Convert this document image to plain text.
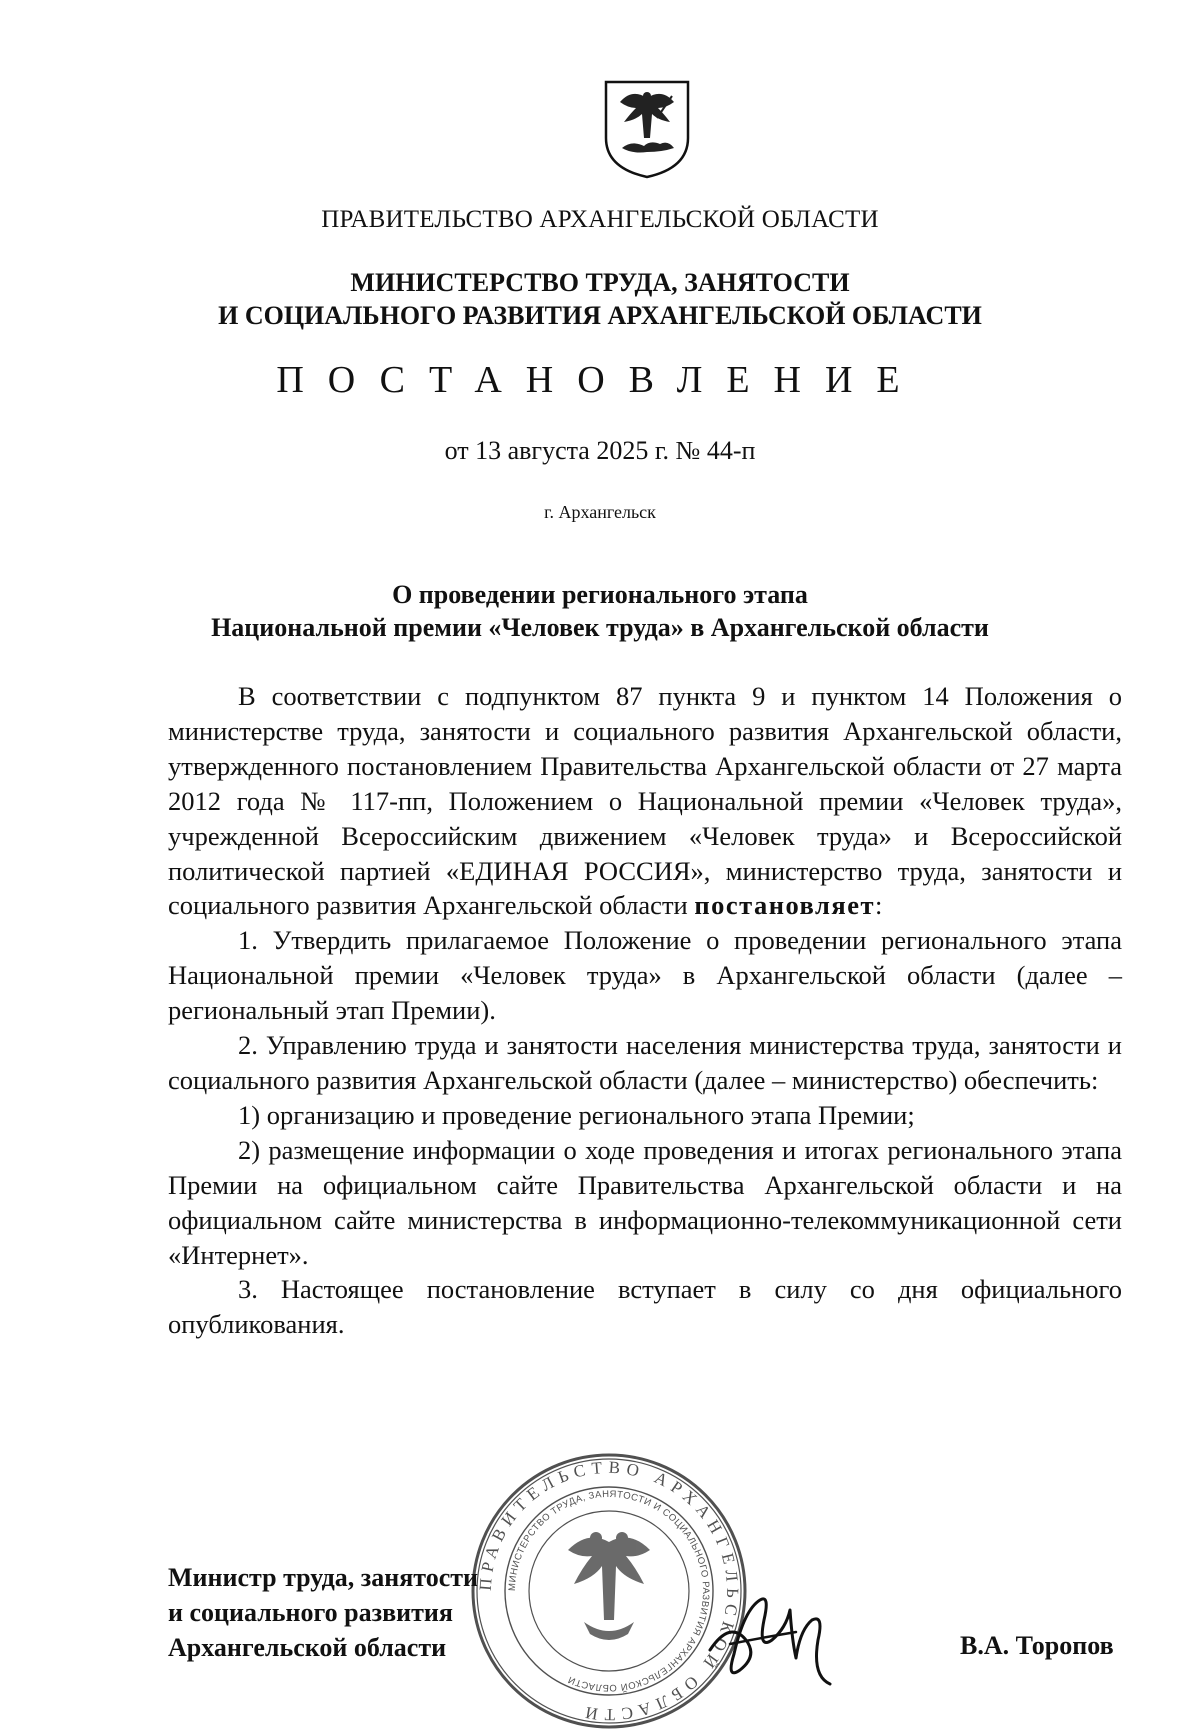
ПРАВИТЕЛЬСТВО АРХАНГЕЛЬСКОЙ ОБЛАСТИ
МИНИСТЕРСТВО ТРУДА, ЗАНЯТОСТИ
И СОЦИАЛЬНОГО РАЗВИТИЯ АРХАНГЕЛЬСКОЙ ОБЛАСТИ
ПОСТАНОВЛЕНИЕ
от 13 августа 2025 г. № 44-п
г. Архангельск
О проведении регионального этапа
Национальной премии «Человек труда» в Архангельской области

В соответствии с подпунктом 87 пункта 9 и пунктом 14 Положения о министерстве труда, занятости и социального развития Архангельской области, утвержденного постановлением Правительства Архангельской области от 27 марта 2012 года № 117-пп, Положением о Национальной премии «Человек труда», учрежденной Всероссийским движением «Человек труда» и Всероссийской политической партией «ЕДИНАЯ РОССИЯ», министерство труда, занятости и социального развития Архангельской области постановляет:

1. Утвердить прилагаемое Положение о проведении регионального этапа Национальной премии «Человек труда» в Архангельской области (далее – региональный этап Премии).

2. Управлению труда и занятости населения министерства труда, занятости и социального развития Архангельской области (далее – министерство) обеспечить:

1) организацию и проведение регионального этапа Премии;

2) размещение информации о ходе проведения и итогах регионального этапа Премии на официальном сайте Правительства Архангельской области и на официальном сайте министерства в информационно-телекоммуникационной сети «Интернет».

3. Настоящее постановление вступает в силу со дня официального опубликования.

ПРАВИТЕЛЬСТВО АРХАНГЕЛЬСКОЙ ОБЛАСТИ
МИНИСТЕРСТВО ТРУДА, ЗАНЯТОСТИ И СОЦИАЛЬНОГО РАЗВИТИЯ АРХАНГЕЛЬСКОЙ ОБЛАСТИ
Министр труда, занятости
и социального развития
Архангельской области	В.А. Торопов
